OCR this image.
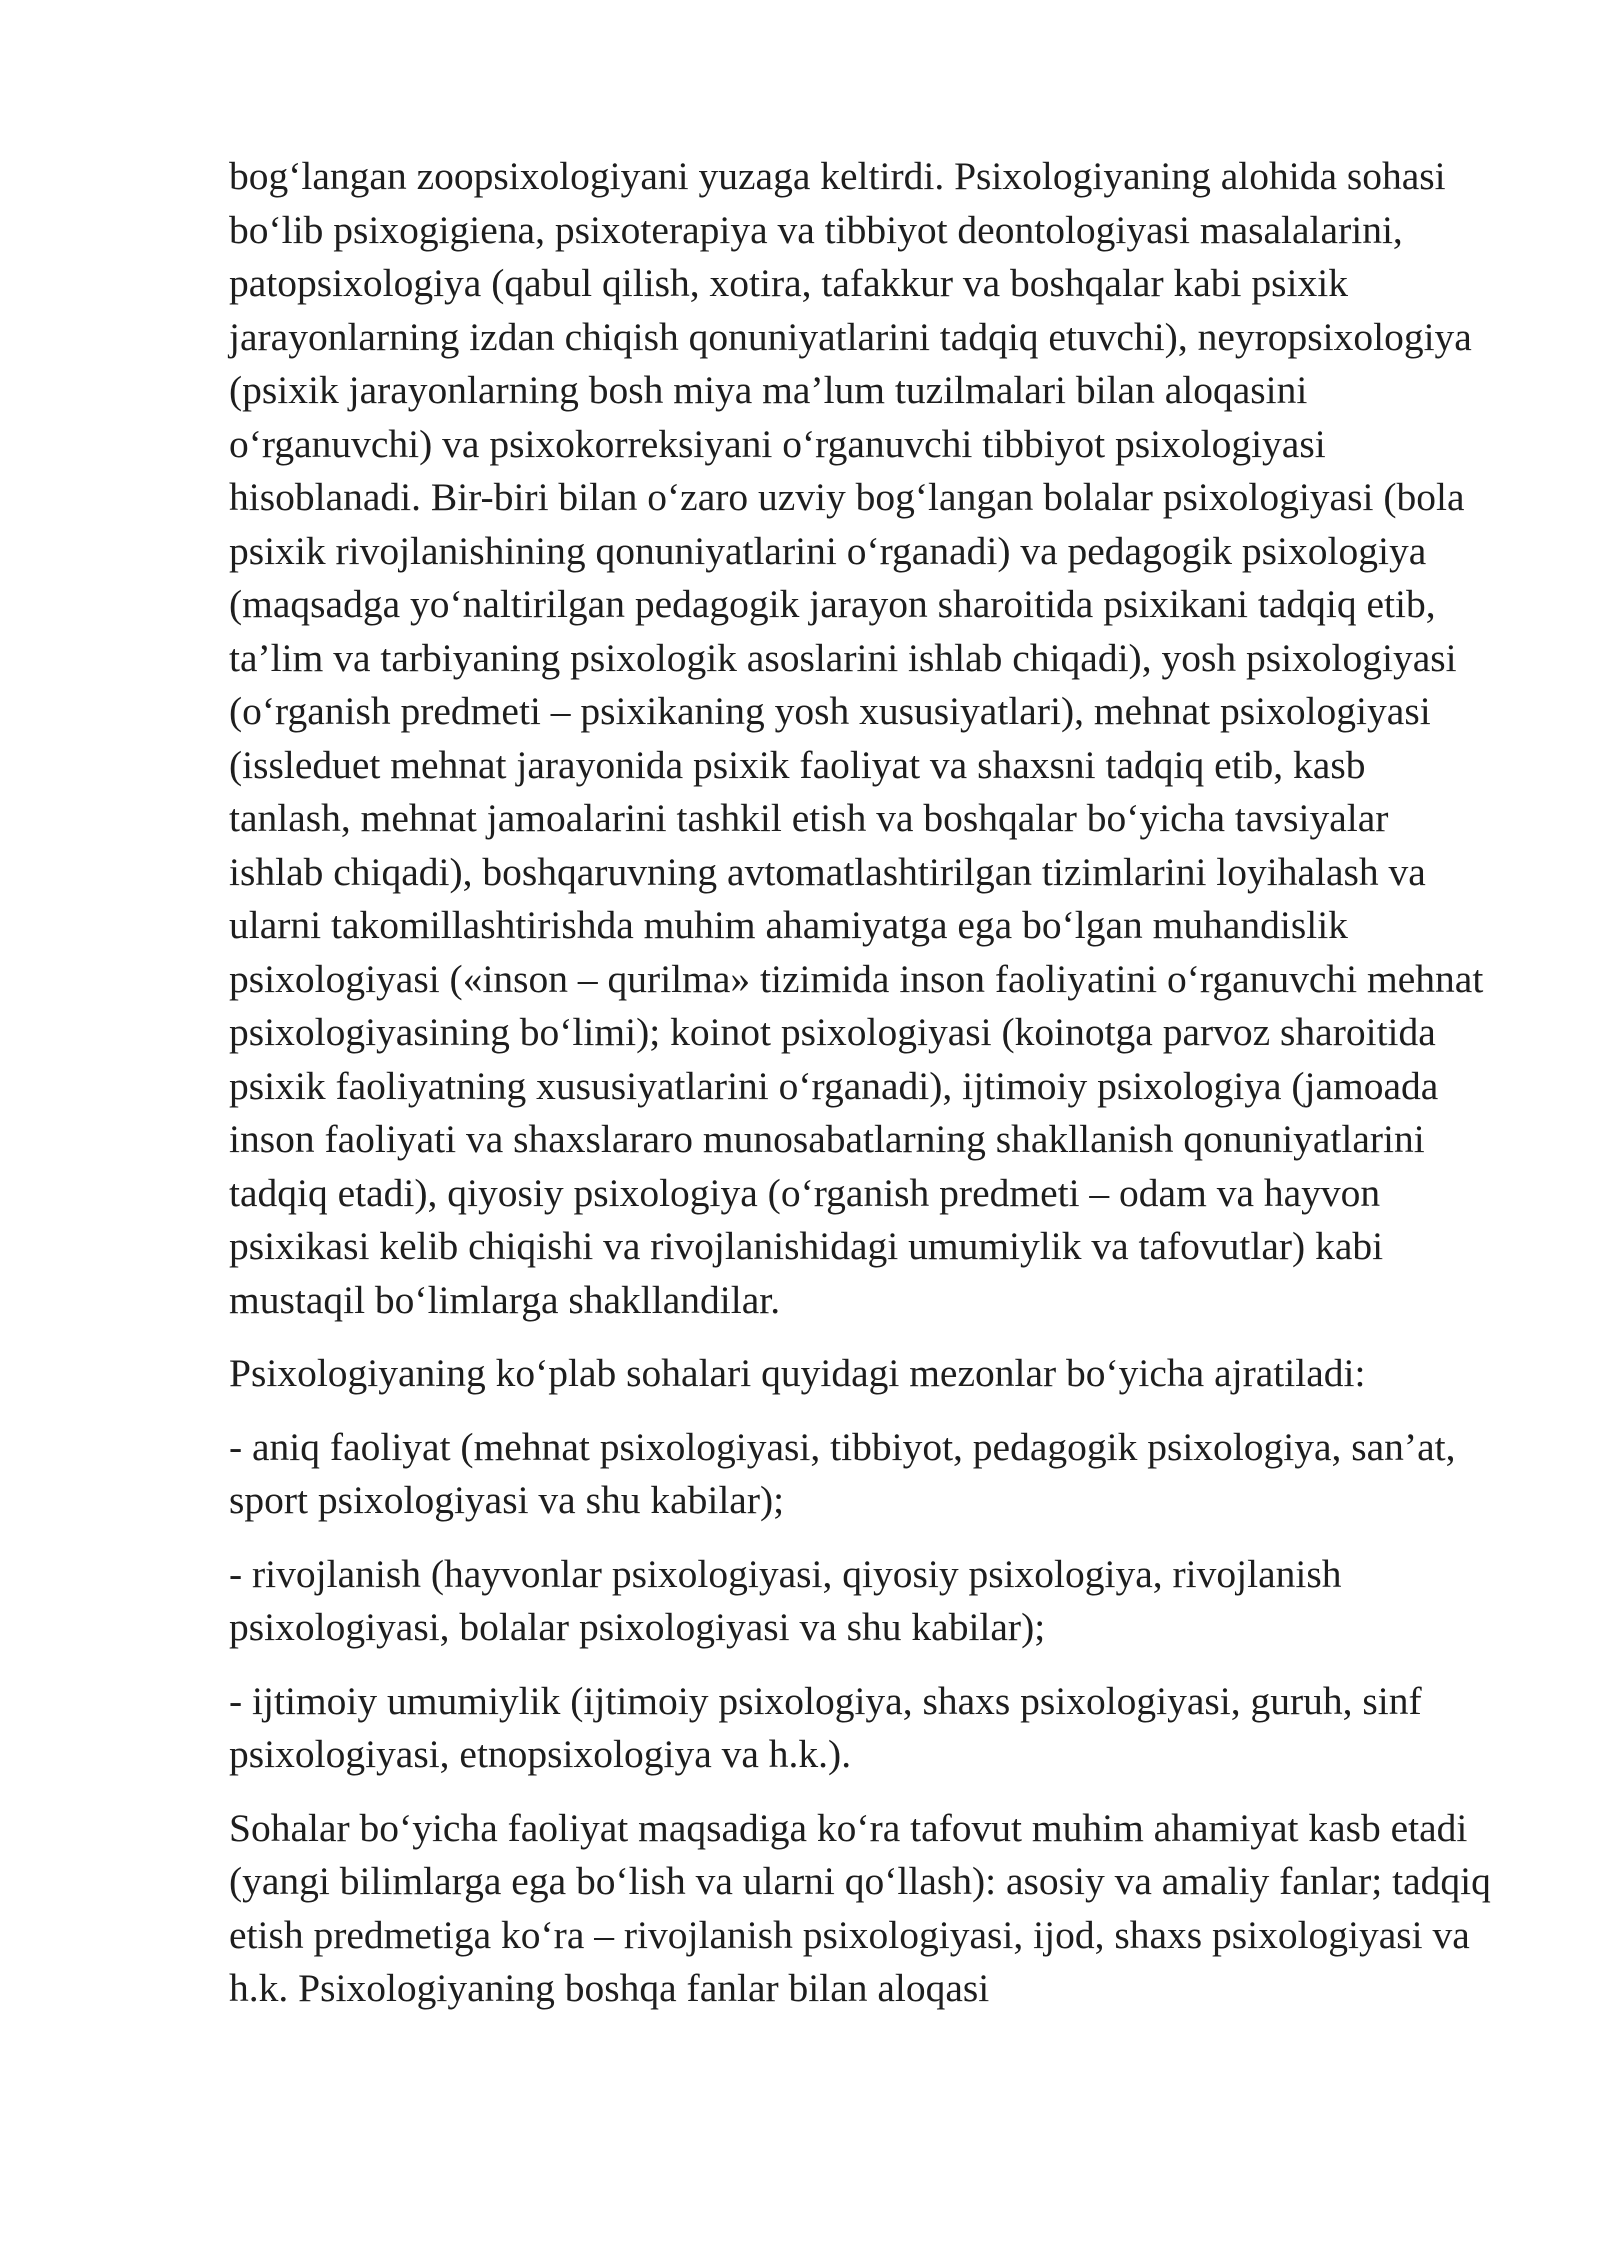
bog‘langan zoopsixologiyani yuzaga keltirdi. Psixologiyaning alohida sohasi bo‘lib psixogigiena, psixoterapiya va tibbiyot deontologiyasi masalalarini, patopsixologiya (qabul qilish, xotira, tafakkur va boshqalar kabi psixik jarayonlarning izdan chiqish qonuniyatlarini tadqiq etuvchi), neyropsixologiya (psixik jarayonlarning bosh miya ma’lum tuzilmalari bilan aloqasini o‘rganuvchi) va psixokorreksiyani o‘rganuvchi tibbiyot psixologiyasi hisoblanadi. Bir-biri bilan o‘zaro uzviy bog‘langan bolalar psixologiyasi (bola psixik rivojlanishining qonuniyatlarini o‘rganadi) va pedagogik psixologiya (maqsadga yo‘naltirilgan pedagogik jarayon sharoitida psixikani tadqiq etib, ta’lim va tarbiyaning psixologik asoslarini ishlab chiqadi), yosh psixologiyasi (o‘rganish predmeti – psixikaning yosh xususiyatlari), mehnat psixologiyasi (issleduet mehnat jarayonida psixik faoliyat va shaxsni tadqiq etib, kasb tanlash, mehnat jamoalarini tashkil etish va boshqalar bo‘yicha tavsiyalar ishlab chiqadi), boshqaruvning avtomatlashtirilgan tizimlarini loyihalash va ularni takomillashtirishda muhim ahamiyatga ega bo‘lgan muhandislik psixologiyasi («inson – qurilma» tizimida inson faoliyatini o‘rganuvchi mehnat psixologiyasining bo‘limi); koinot psixologiyasi (koinotga parvoz sharoitida psixik faoliyatning xususiyatlarini o‘rganadi), ijtimoiy psixologiya (jamoada inson faoliyati va shaxslararo munosabatlarning shakllanish qonuniyatlarini tadqiq etadi), qiyosiy psixologiya (o‘rganish predmeti – odam va hayvon psixikasi kelib chiqishi va rivojlanishidagi umumiylik va tafovutlar) kabi mustaqil bo‘limlarga shakllandilar.

Psixologiyaning ko‘plab sohalari quyidagi mezonlar bo‘yicha ajratiladi:

- aniq faoliyat (mehnat psixologiyasi, tibbiyot, pedagogik psixologiya, san’at, sport psixologiyasi va shu kabilar);

- rivojlanish (hayvonlar psixologiyasi, qiyosiy psixologiya, rivojlanish psixologiyasi, bolalar psixologiyasi va shu kabilar);

- ijtimoiy umumiylik (ijtimoiy psixologiya, shaxs psixologiyasi, guruh, sinf psixologiyasi, etnopsixologiya va h.k.).

Sohalar bo‘yicha faoliyat maqsadiga ko‘ra tafovut muhim ahamiyat kasb etadi (yangi bilimlarga ega bo‘lish va ularni qo‘llash): asosiy va amaliy fanlar; tadqiq etish predmetiga ko‘ra – rivojlanish psixologiyasi, ijod, shaxs psixologiyasi va h.k. Psixologiyaning boshqa fanlar bilan aloqasi
